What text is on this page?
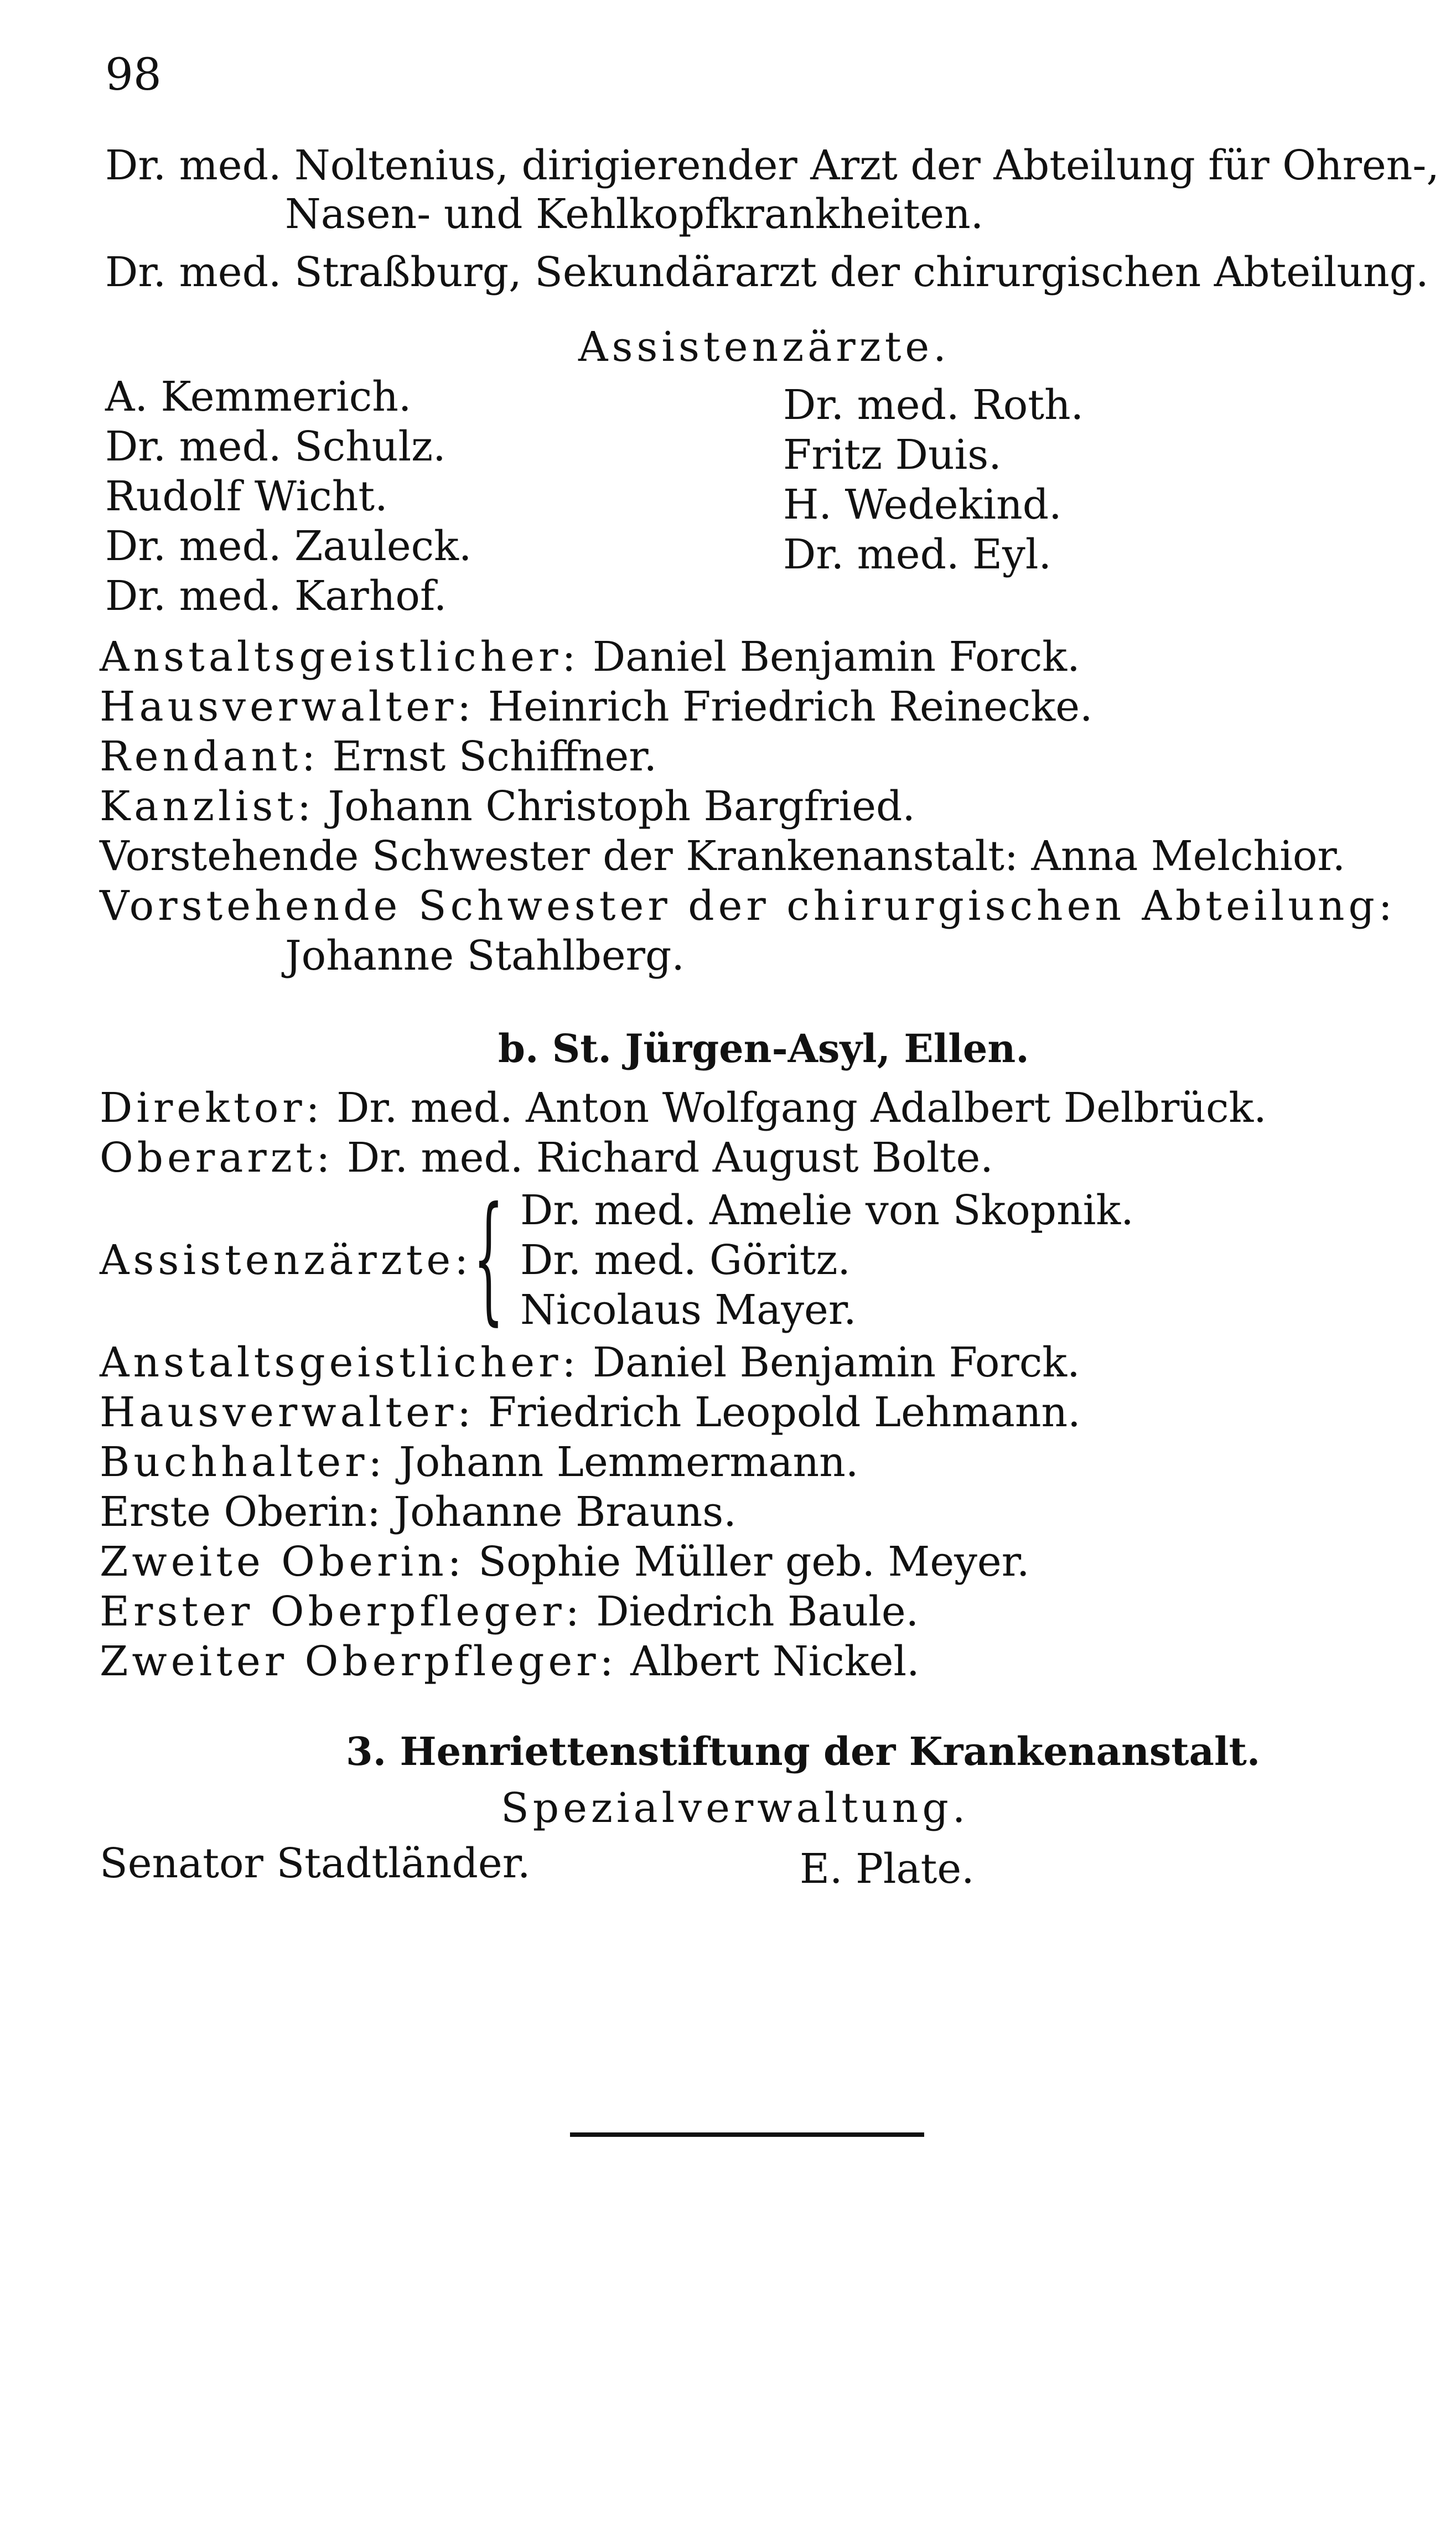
98
Dr. med. Noltenius, dirigierender Arzt der Abteilung für Ohren-,
Nasen- und Kehlkopfkrankheiten.
Dr. med. Straßburg, Sekundärarzt der chirurgischen Abteilung.
Assistenzärzte.
A. Kemmerich.
Dr. med. Schulz.
Rudolf Wicht.
Dr. med. Zauleck.
Dr. med. Karhof.
Dr. med. Roth.
Fritz Duis.
H. Wedekind.
Dr. med. Eyl.
Anstaltsgeistlicher: Daniel Benjamin Forck.
Hausverwalter: Heinrich Friedrich Reinecke.
Rendant: Ernst Schiffner.
Kanzlist: Johann Christoph Bargfried.
Vorstehende Schwester der Krankenanstalt: Anna Melchior.
Vorstehende Schwester der chirurgischen Abteilung:
Johanne Stahlberg.
b. St. Jürgen-Asyl, Ellen.
Direktor: Dr. med. Anton Wolfgang Adalbert Delbrück.
Oberarzt: Dr. med. Richard August Bolte.
Assistenzärzte: { Dr. med. Amelie von Skopnik.
Dr. med. Göritz.
Nicolaus Mayer.
Anstaltsgeistlicher: Daniel Benjamin Forck.
Hausverwalter: Friedrich Leopold Lehmann.
Buchhalter: Johann Lemmermann.
Erste Oberin: Johanne Brauns.
Zweite Oberin: Sophie Müller geb. Meyer.
Erster Oberpfleger: Diedrich Baule.
Zweiter Oberpfleger: Albert Nickel.
3. Henriettenstiftung der Krankenanstalt.
Spezialverwaltung.
Senator Stadtländer.	E. Plate.
